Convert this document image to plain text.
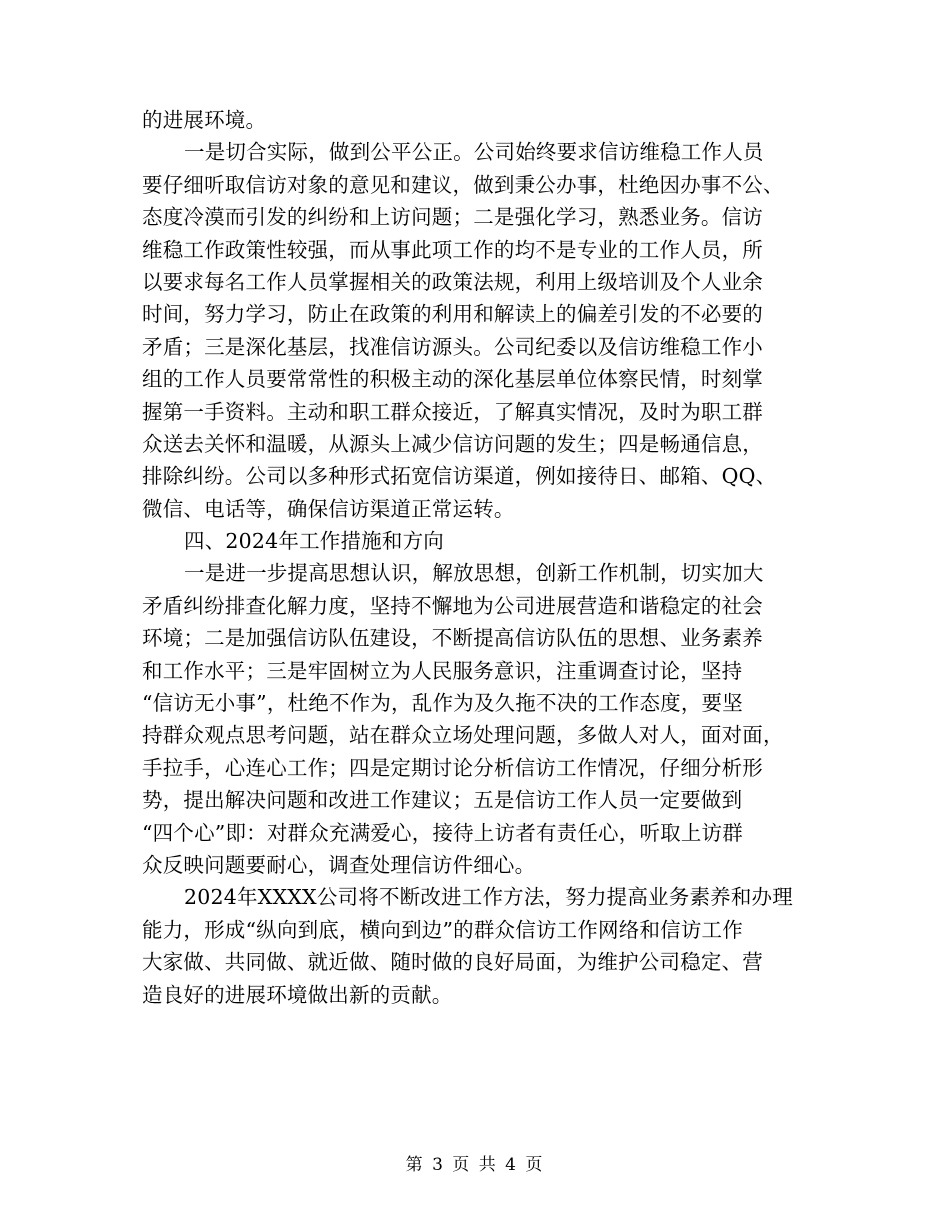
的进展环境。
一是切合实际，做到公平公正。公司始终要求信访维稳工作人员
要仔细听取信访对象的意见和建议，做到秉公办事，杜绝因办事不公、
态度冷漠而引发的纠纷和上访问题；二是强化学习，熟悉业务。信访
维稳工作政策性较强，而从事此项工作的均不是专业的工作人员，所
以要求每名工作人员掌握相关的政策法规，利用上级培训及个人业余
时间，努力学习，防止在政策的利用和解读上的偏差引发的不必要的
矛盾；三是深化基层，找准信访源头。公司纪委以及信访维稳工作小
组的工作人员要常常性的积极主动的深化基层单位体察民情，时刻掌
握第一手资料。主动和职工群众接近，了解真实情况，及时为职工群
众送去关怀和温暖，从源头上减少信访问题的发生；四是畅通信息，
排除纠纷。公司以多种形式拓宽信访渠道，例如接待日、邮箱、QQ、
微信、电话等，确保信访渠道正常运转。
四、2024年工作措施和方向
一是进一步提高思想认识，解放思想，创新工作机制，切实加大
矛盾纠纷排查化解力度，坚持不懈地为公司进展营造和谐稳定的社会
环境；二是加强信访队伍建设，不断提高信访队伍的思想、业务素养
和工作水平；三是牢固树立为人民服务意识，注重调查讨论，坚持
“信访无小事”，杜绝不作为，乱作为及久拖不决的工作态度，要坚
持群众观点思考问题，站在群众立场处理问题，多做人对人，面对面，
手拉手，心连心工作；四是定期讨论分析信访工作情况，仔细分析形
势，提出解决问题和改进工作建议；五是信访工作人员一定要做到
“四个心”即：对群众充满爱心，接待上访者有责任心，听取上访群
众反映问题要耐心，调查处理信访件细心。
2024年XXXX公司将不断改进工作方法，努力提高业务素养和办理
能力，形成“纵向到底，横向到边”的群众信访工作网络和信访工作
大家做、共同做、就近做、随时做的良好局面，为维护公司稳定、营
造良好的进展环境做出新的贡献。
第 3 页 共 4 页
